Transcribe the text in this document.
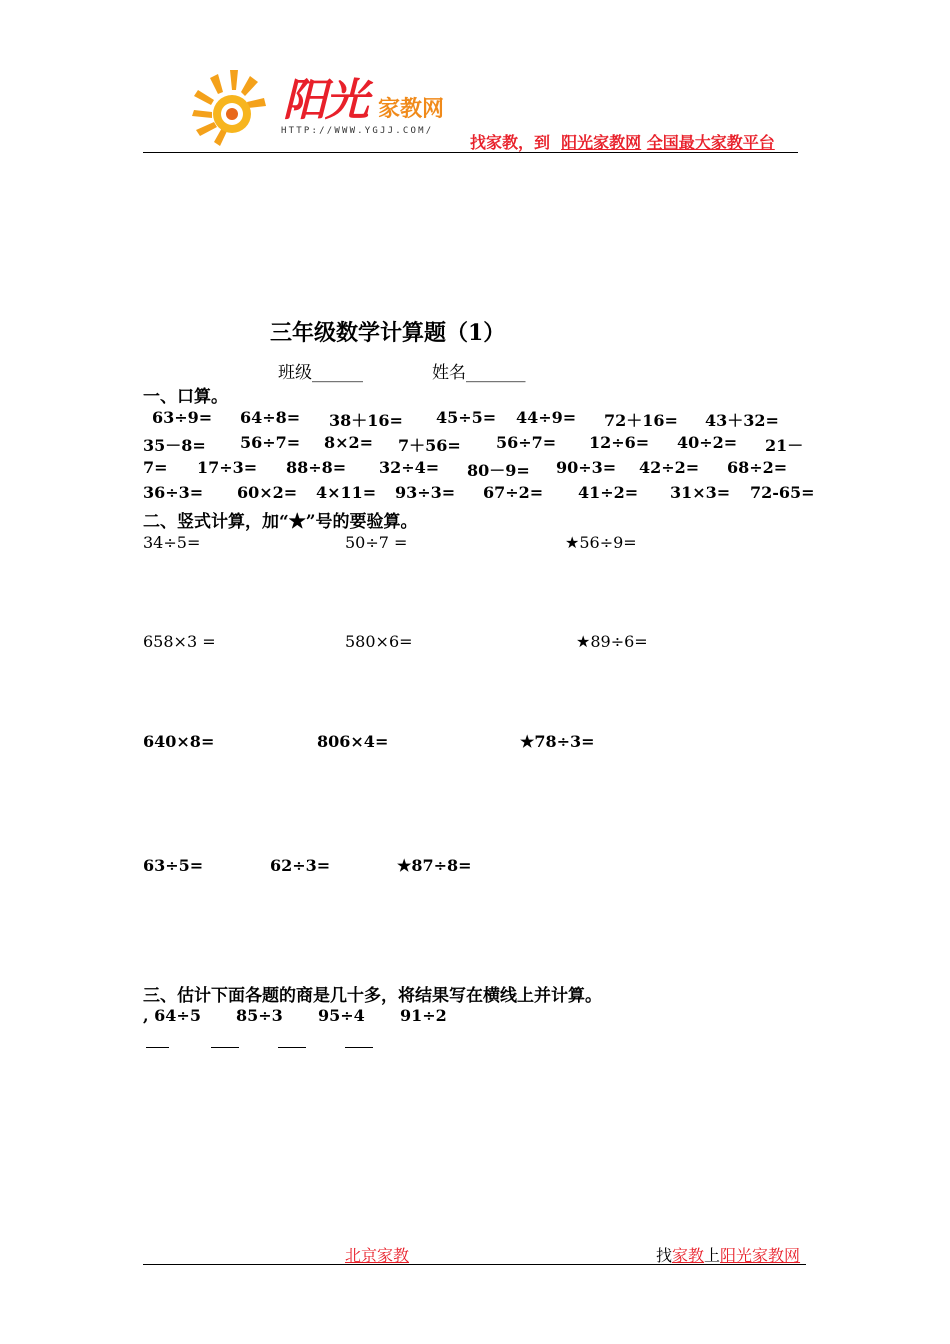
阳光 家教网
HTTP://WWW.YGJJ.COM/
找家教，到 阳光家教网 全国最大家教平台
三年级数学计算题（1）
班级______	姓名_______
一、口算。
63÷9= 64÷8= 38＋16= 45÷5= 44÷9= 72＋16= 43＋32=
35－8= 56÷7= 8×2= 7＋56= 56÷7= 12÷6= 40÷2= 21－
7= 17÷3= 88÷8= 32÷4= 80－9= 90÷3= 42÷2= 68÷2=
36÷3= 60×2= 4×11= 93÷3= 67÷2= 41÷2= 31×3= 72-65=
二、竖式计算，加“★”号的要验算。
34÷5=	50÷7 =	★56÷9=
658×3 =	580×6=	★89÷6=
640×8=	806×4=	★78÷3=
63÷5=	62÷3=	★87÷8=
三、估计下面各题的商是几十多，将结果写在横线上并计算。
, 64÷5 85÷3 95÷4 91÷2
北京家教	找家教上阳光家教网
